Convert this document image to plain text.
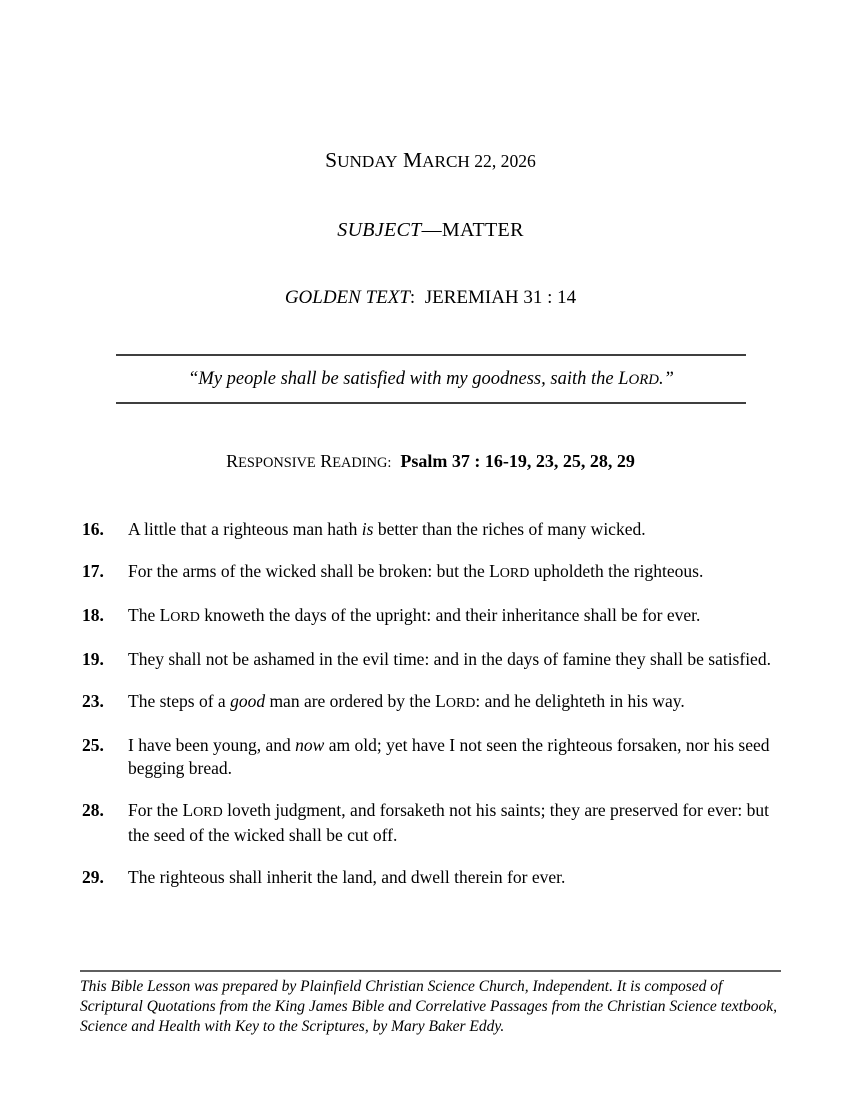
SUNDAY MARCH 22, 2026
SUBJECT—MATTER
GOLDEN TEXT:  JEREMIAH 31 : 14
“My people shall be satisfied with my goodness, saith the LORD.”
RESPONSIVE READING: Psalm 37 : 16-19, 23, 25, 28, 29
16.	A little that a righteous man hath is better than the riches of many wicked.
17.	For the arms of the wicked shall be broken: but the LORD upholdeth the righteous.
18.	The LORD knoweth the days of the upright: and their inheritance shall be for ever.
19.	They shall not be ashamed in the evil time: and in the days of famine they shall be satisfied.
23.	The steps of a good man are ordered by the LORD: and he delighteth in his way.
25.	I have been young, and now am old; yet have I not seen the righteous forsaken, nor his seed begging bread.
28.	For the LORD loveth judgment, and forsaketh not his saints; they are preserved for ever: but the seed of the wicked shall be cut off.
29.	The righteous shall inherit the land, and dwell therein for ever.

This Bible Lesson was prepared by Plainfield Christian Science Church, Independent. It is composed of Scriptural Quotations from the King James Bible and Correlative Passages from the Christian Science textbook, Science and Health with Key to the Scriptures, by Mary Baker Eddy.
